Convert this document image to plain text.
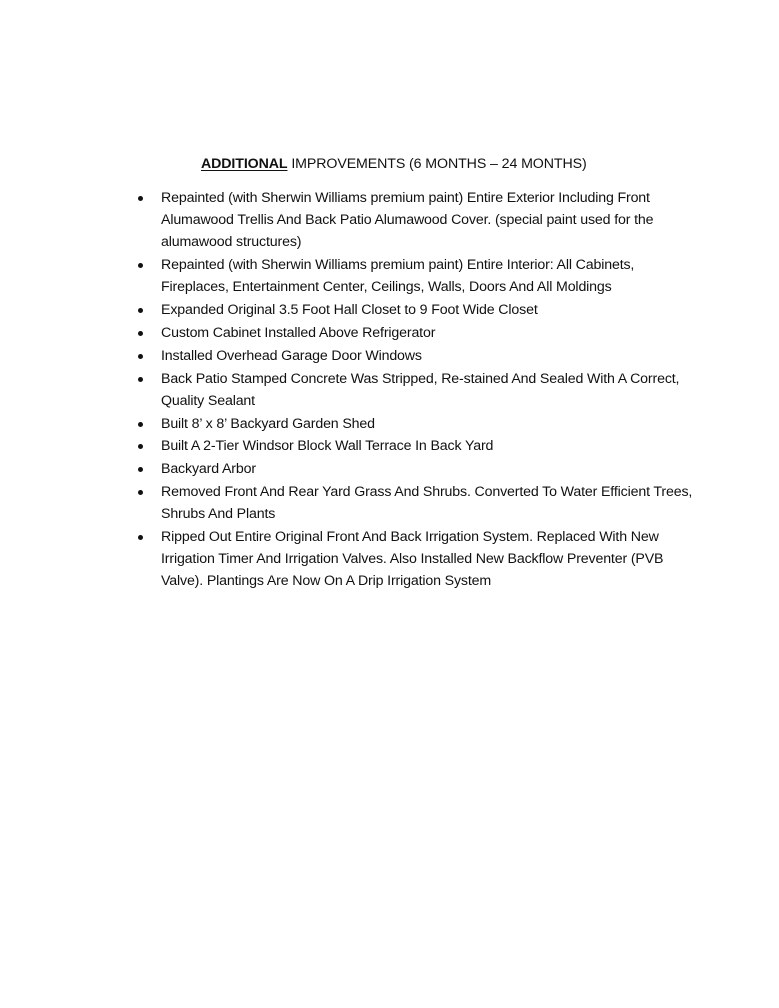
ADDITIONAL IMPROVEMENTS (6 MONTHS – 24 MONTHS)
Repainted (with Sherwin Williams premium paint) Entire Exterior Including Front Alumawood Trellis And Back Patio Alumawood Cover. (special paint used for the alumawood structures)
Repainted (with Sherwin Williams premium paint) Entire Interior: All Cabinets, Fireplaces, Entertainment Center, Ceilings, Walls, Doors And All Moldings
Expanded Original 3.5 Foot Hall Closet to 9 Foot Wide Closet
Custom Cabinet Installed Above Refrigerator
Installed Overhead Garage Door Windows
Back Patio Stamped Concrete Was Stripped, Re-stained And Sealed With A Correct, Quality Sealant
Built 8’ x 8’ Backyard Garden Shed
Built A 2-Tier Windsor Block Wall Terrace In Back Yard
Backyard Arbor
Removed Front And Rear Yard Grass And Shrubs. Converted To Water Efficient Trees, Shrubs And Plants
Ripped Out Entire Original Front And Back Irrigation System. Replaced With New Irrigation Timer And Irrigation Valves. Also Installed New Backflow Preventer (PVB Valve). Plantings Are Now On A Drip Irrigation System
